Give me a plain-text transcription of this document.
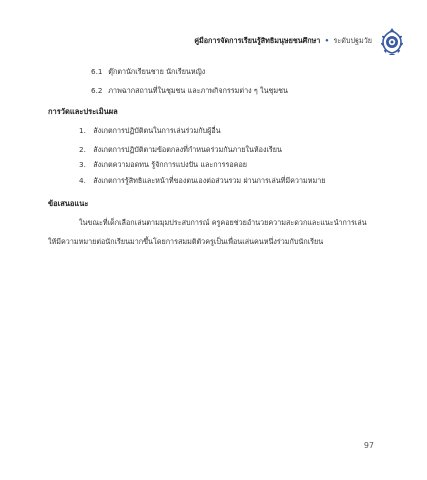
คู่มือการจัดการเรียนรู้สิทธิมนุษยชนศึกษา • ระดับปฐมวัย
6.1 ตุ๊กตานักเรียนชาย นักเรียนหญิง
6.2 ภาพฉากสถานที่ในชุมชน และภาพกิจกรรมต่าง ๆ ในชุมชน
การวัดและประเมินผล
1. สังเกตการปฏิบัติตนในการเล่นร่วมกับผู้อื่น
2. สังเกตการปฏิบัติตามข้อตกลงที่กำหนดร่วมกันภายในห้องเรียน
3. สังเกตความอดทน รู้จักการแบ่งปัน และการรอคอย
4. สังเกตการรู้สิทธิและหน้าที่ของตนเองต่อส่วนรวม ผ่านการเล่นที่มีความหมาย
ข้อเสนอแนะ
ในขณะที่เด็กเลือกเล่นตามมุมประสบการณ์ ครูคอยช่วยอำนวยความสะดวกและแนะนำการเล่น
ให้มีความหมายต่อนักเรียนมากขึ้นโดยการสมมติตัวครูเป็นเพื่อนเล่นคนหนึ่งร่วมกับนักเรียน
97
